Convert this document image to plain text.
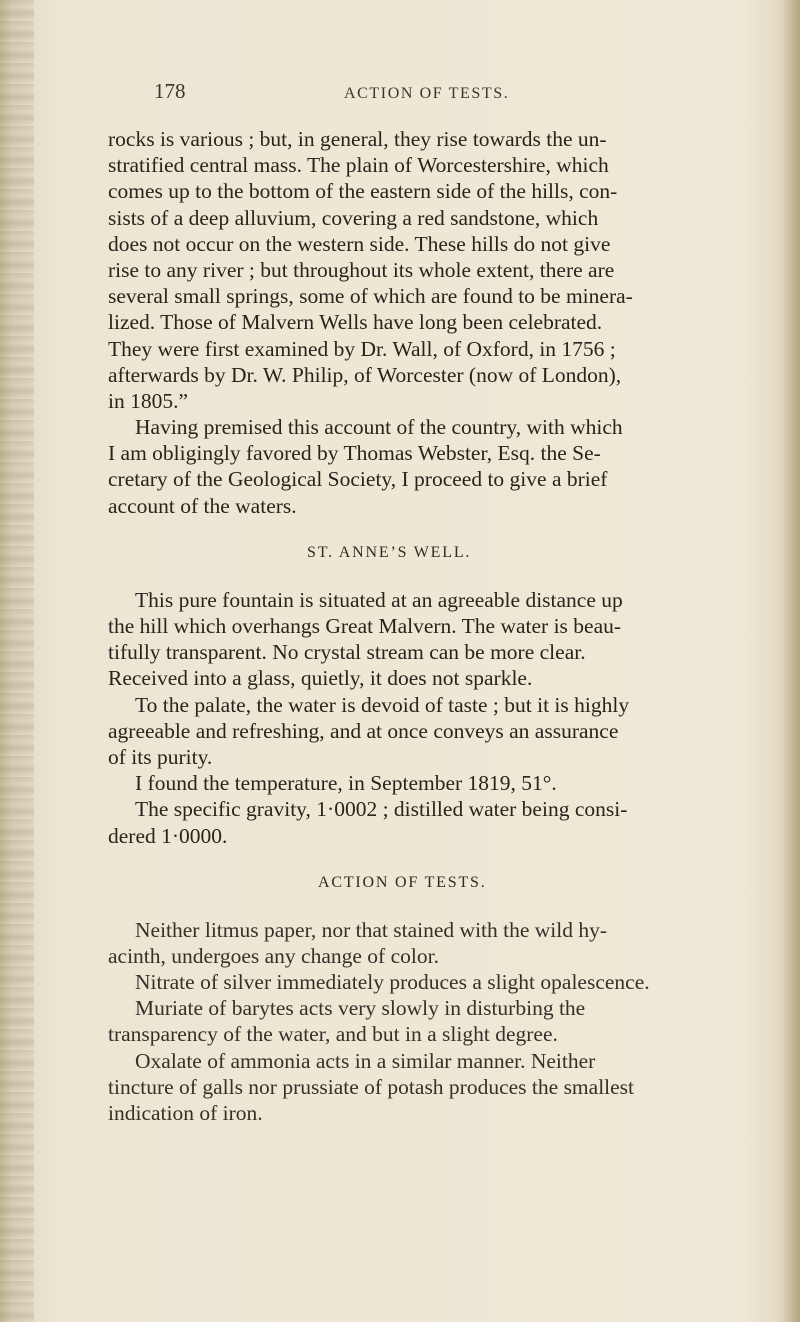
178	ACTION OF TESTS.
rocks is various ; but, in general, they rise towards the un-
stratified central mass. The plain of Worcestershire, which
comes up to the bottom of the eastern side of the hills, con-
sists of a deep alluvium, covering a red sandstone, which
does not occur on the western side. These hills do not give
rise to any river ; but throughout its whole extent, there are
several small springs, some of which are found to be minera-
lized. Those of Malvern Wells have long been celebrated.
They were first examined by Dr. Wall, of Oxford, in 1756 ;
afterwards by Dr. W. Philip, of Worcester (now of London),
in 1805.”
Having premised this account of the country, with which
I am obligingly favored by Thomas Webster, Esq. the Se-
cretary of the Geological Society, I proceed to give a brief
account of the waters.
ST. ANNE’S WELL.
This pure fountain is situated at an agreeable distance up
the hill which overhangs Great Malvern. The water is beau-
tifully transparent. No crystal stream can be more clear.
Received into a glass, quietly, it does not sparkle.
To the palate, the water is devoid of taste ; but it is highly
agreeable and refreshing, and at once conveys an assurance
of its purity.
I found the temperature, in September 1819, 51°.
The specific gravity, 1·0002 ; distilled water being consi-
dered 1·0000.
ACTION OF TESTS.
Neither litmus paper, nor that stained with the wild hy-
acinth, undergoes any change of color.
Nitrate of silver immediately produces a slight opalescence.
Muriate of barytes acts very slowly in disturbing the
transparency of the water, and but in a slight degree.
Oxalate of ammonia acts in a similar manner. Neither
tincture of galls nor prussiate of potash produces the smallest
indication of iron.
